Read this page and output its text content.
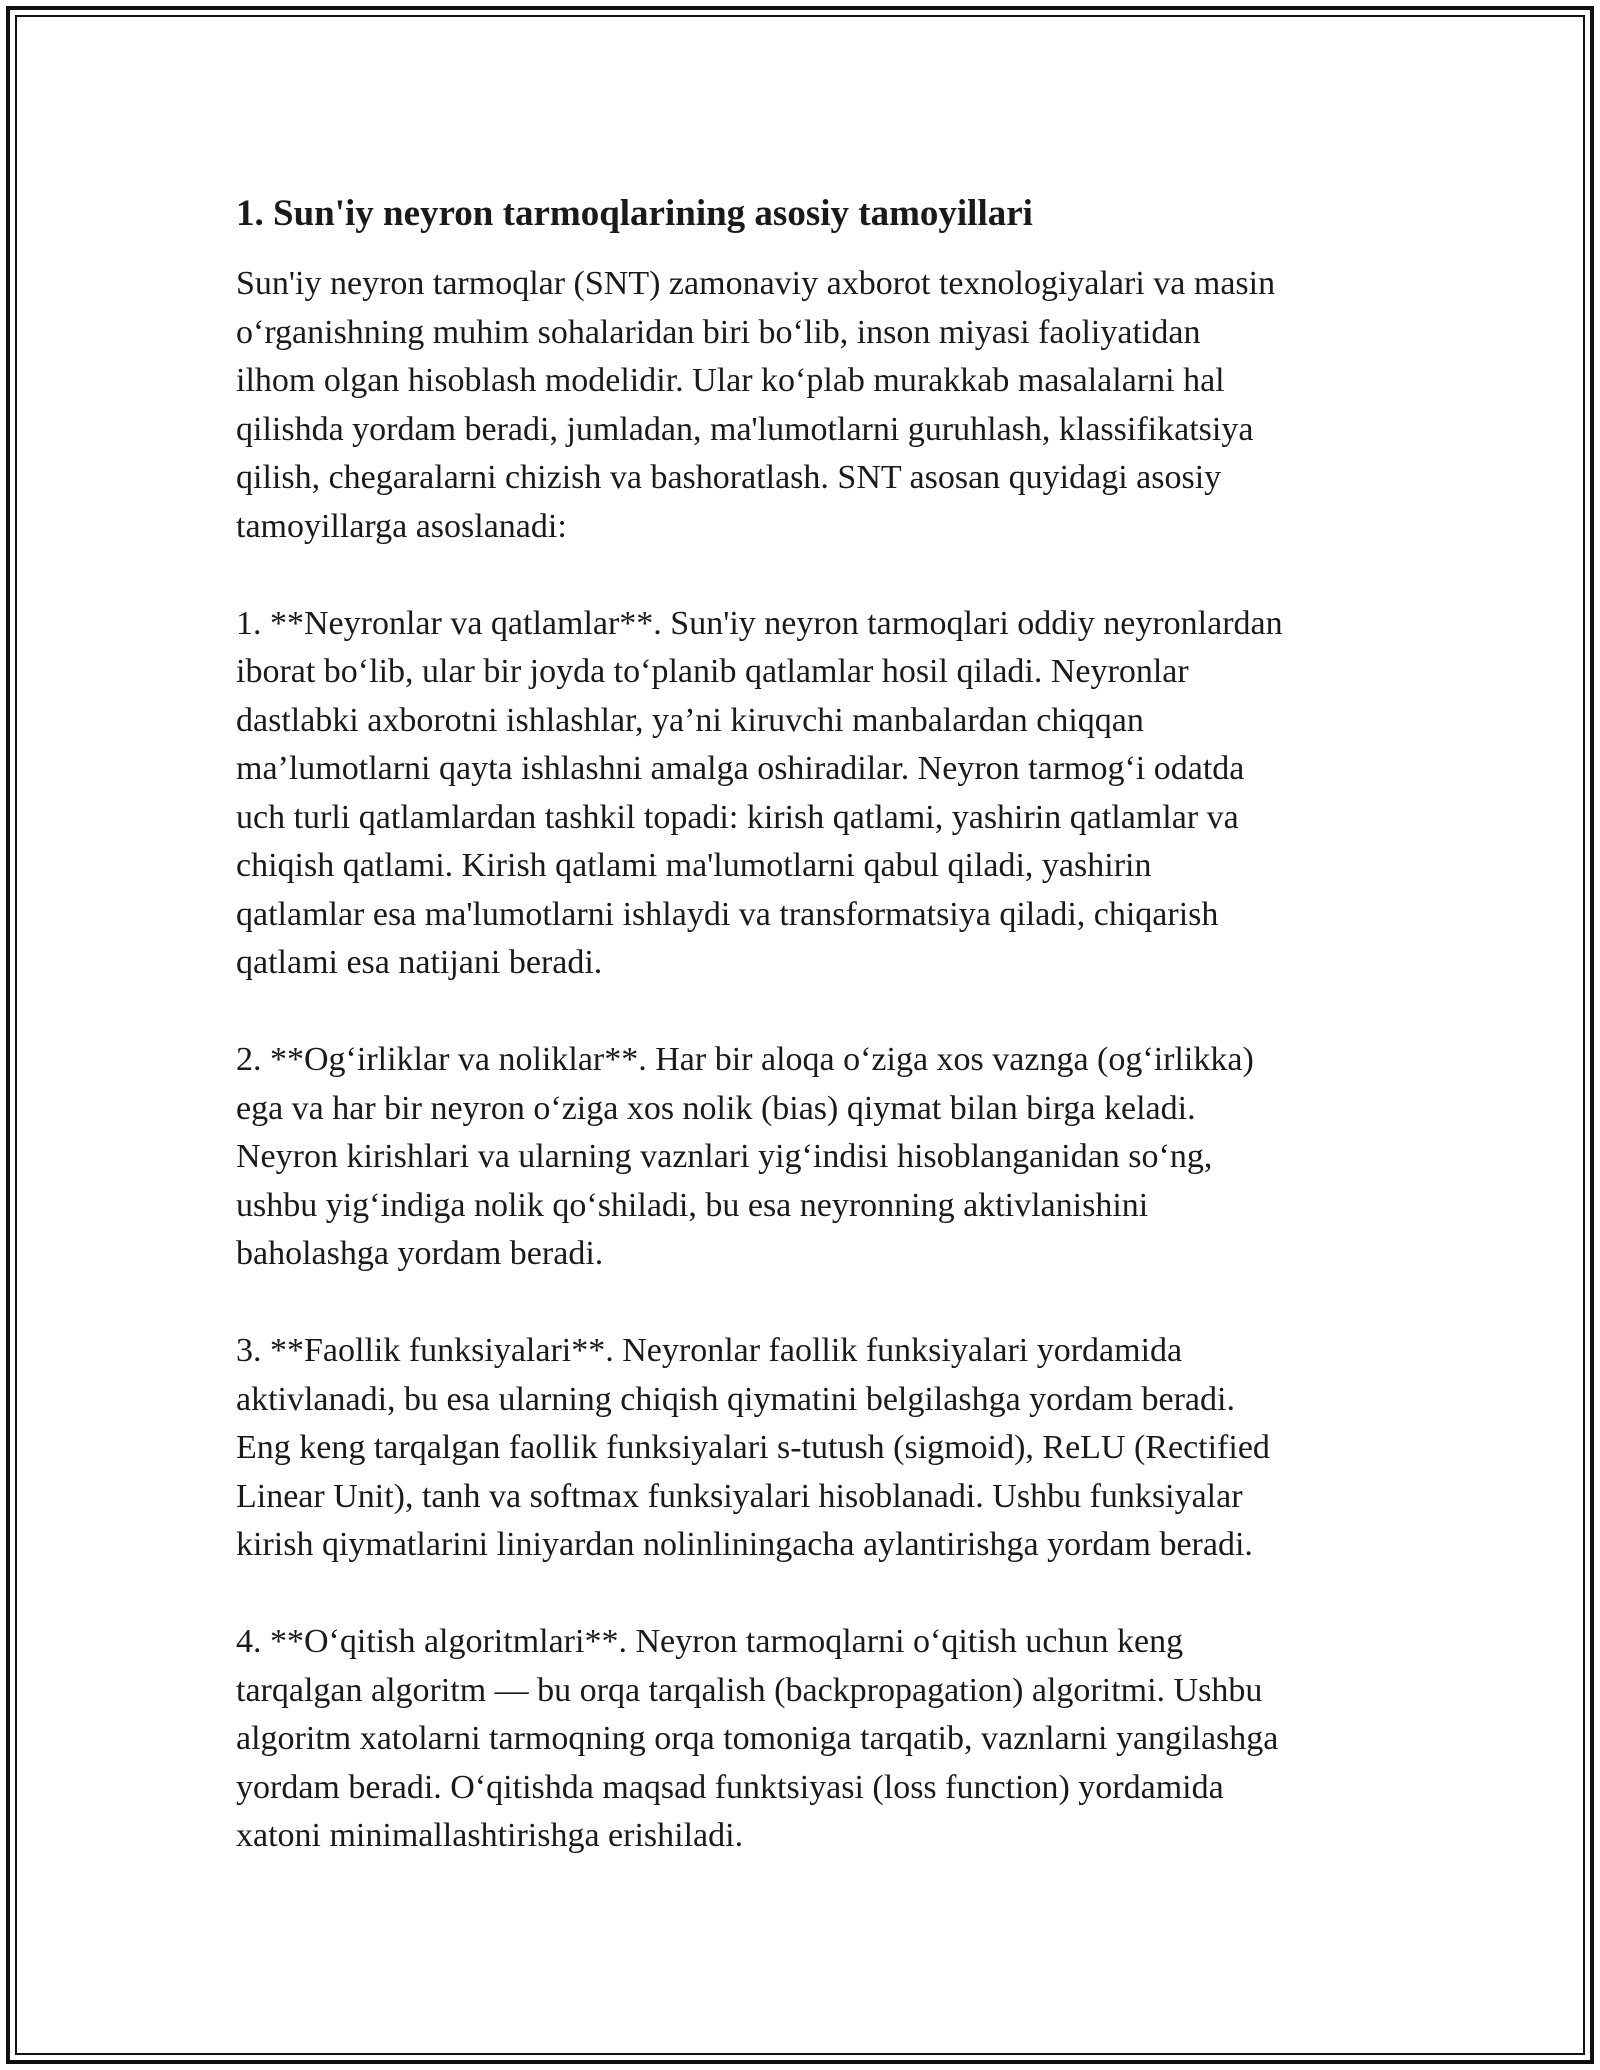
1. Sun'iy neyron tarmoqlarining asosiy tamoyillari

Sun'iy neyron tarmoqlar (SNT) zamonaviy axborot texnologiyalari va masin
o‘rganishning muhim sohalaridan biri bo‘lib, inson miyasi faoliyatidan
ilhom olgan hisoblash modelidir. Ular ko‘plab murakkab masalalarni hal
qilishda yordam beradi, jumladan, ma'lumotlarni guruhlash, klassifikatsiya
qilish, chegaralarni chizish va bashoratlash. SNT asosan quyidagi asosiy
tamoyillarga asoslanadi:

1. **Neyronlar va qatlamlar**. Sun'iy neyron tarmoqlari oddiy neyronlardan
iborat bo‘lib, ular bir joyda to‘planib qatlamlar hosil qiladi. Neyronlar
dastlabki axborotni ishlashlar, ya’ni kiruvchi manbalardan chiqqan
ma’lumotlarni qayta ishlashni amalga oshiradilar. Neyron tarmog‘i odatda
uch turli qatlamlardan tashkil topadi: kirish qatlami, yashirin qatlamlar va
chiqish qatlami. Kirish qatlami ma'lumotlarni qabul qiladi, yashirin
qatlamlar esa ma'lumotlarni ishlaydi va transformatsiya qiladi, chiqarish
qatlami esa natijani beradi.

2. **Og‘irliklar va noliklar**. Har bir aloqa o‘ziga xos vaznga (og‘irlikka)
ega va har bir neyron o‘ziga xos nolik (bias) qiymat bilan birga keladi.
Neyron kirishlari va ularning vaznlari yig‘indisi hisoblanganidan so‘ng,
ushbu yig‘indiga nolik qo‘shiladi, bu esa neyronning aktivlanishini
baholashga yordam beradi.

3. **Faollik funksiyalari**. Neyronlar faollik funksiyalari yordamida
aktivlanadi, bu esa ularning chiqish qiymatini belgilashga yordam beradi.
Eng keng tarqalgan faollik funksiyalari s-tutush (sigmoid), ReLU (Rectified
Linear Unit), tanh va softmax funksiyalari hisoblanadi. Ushbu funksiyalar
kirish qiymatlarini liniyardan nolinliningacha aylantirishga yordam beradi.

4. **O‘qitish algoritmlari**. Neyron tarmoqlarni o‘qitish uchun keng
tarqalgan algoritm — bu orqa tarqalish (backpropagation) algoritmi. Ushbu
algoritm xatolarni tarmoqning orqa tomoniga tarqatib, vaznlarni yangilashga
yordam beradi. O‘qitishda maqsad funktsiyasi (loss function) yordamida
xatoni minimallashtirishga erishiladi.
